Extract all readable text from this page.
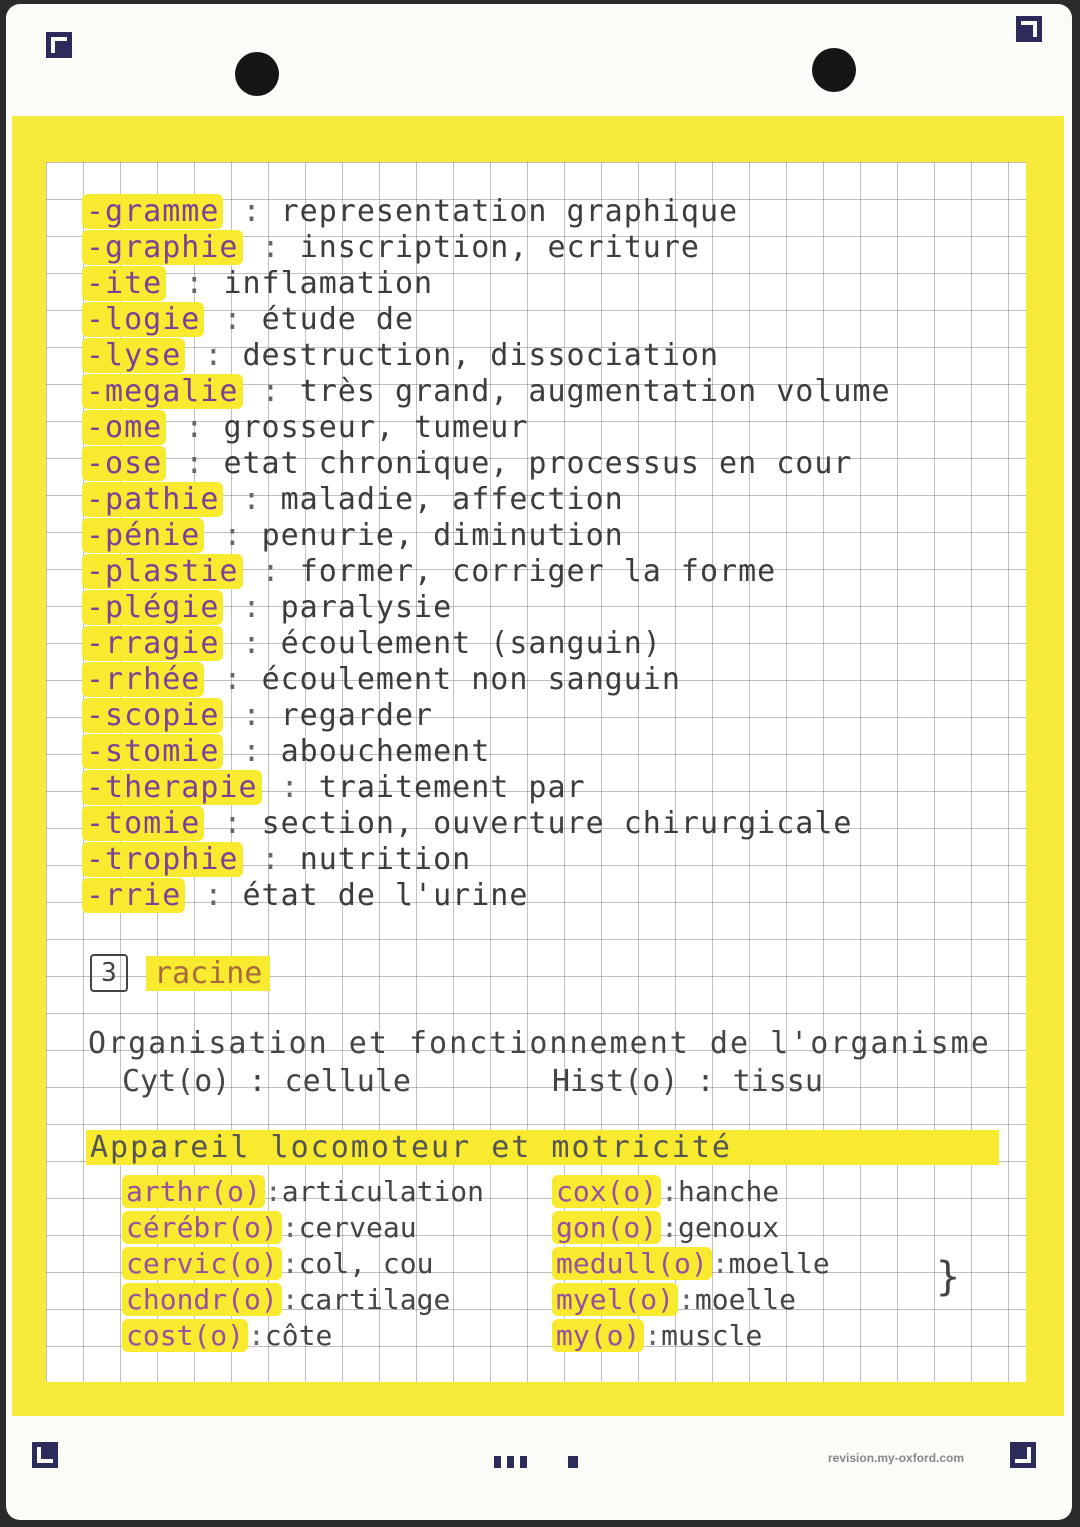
-gramme : representation graphique
-graphie : inscription, ecriture
-ite : inflamation
-logie : étude de
-lyse : destruction, dissociation
-megalie : très grand, augmentation volume
-ome : grosseur, tumeur
-ose : etat chronique, processus en cour
-pathie : maladie, affection
-pénie : penurie, diminution
-plastie : former, corriger la forme
-plégie : paralysie
-rragie : écoulement (sanguin)
-rrhée : écoulement non sanguin
-scopie : regarder
-stomie : abouchement
-therapie : traitement par
-tomie : section, ouverture chirurgicale
-trophie : nutrition
-rrie : état de l'urine
3	racine
Organisation et fonctionnement de l'organisme
Cyt(o) : cellule	Hist(o) : tissu
Appareil locomoteur et motricité
arthr(o) :articulation
cérébr(o) :cerveau
cervic(o) :col, cou
chondr(o) :cartilage
cost(o) :côte
cox(o) :hanche
gon(o) :genoux
medull(o) :moelle
myel(o) :moelle
my(o) :muscle
}
revision.my-oxford.com
